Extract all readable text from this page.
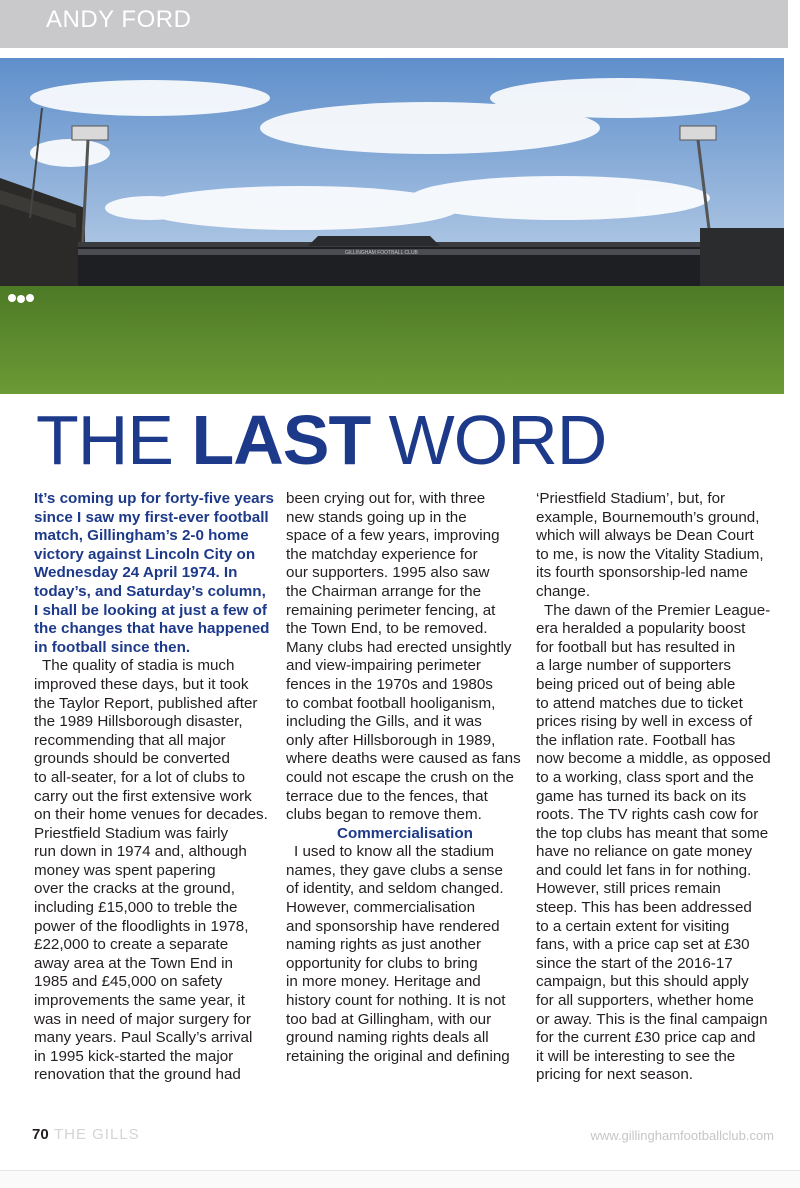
ANDY FORD
GILLINGHAM FOOTBALL CLUB
THE LAST WORD

It’s coming up for forty-five years
since I saw my first-ever football
match, Gillingham’s 2-0 home
victory against Lincoln City on
Wednesday 24 April 1974. In
today’s, and Saturday’s column,
I shall be looking at just a few of
the changes that have happened
in football since then.

The quality of stadia is much
improved these days, but it took
the Taylor Report, published after
the 1989 Hillsborough disaster,
recommending that all major
grounds should be converted
to all-seater, for a lot of clubs to
carry out the first extensive work
on their home venues for decades.
Priestfield Stadium was fairly
run down in 1974 and, although
money was spent papering
over the cracks at the ground,
including £15,000 to treble the
power of the floodlights in 1978,
£22,000 to create a separate
away area at the Town End in
1985 and £45,000 on safety
improvements the same year, it
was in need of major surgery for
many years. Paul Scally’s arrival
in 1995 kick-started the major
renovation that the ground had

been crying out for, with three
new stands going up in the
space of a few years, improving
the matchday experience for
our supporters. 1995 also saw
the Chairman arrange for the
remaining perimeter fencing, at
the Town End, to be removed.
Many clubs had erected unsightly
and view-impairing perimeter
fences in the 1970s and 1980s
to combat football hooliganism,
including the Gills, and it was
only after Hillsborough in 1989,
where deaths were caused as fans
could not escape the crush on the
terrace due to the fences, that
clubs began to remove them.

Commercialisation

I used to know all the stadium
names, they gave clubs a sense
of identity, and seldom changed.
However, commercialisation
and sponsorship have rendered
naming rights as just another
opportunity for clubs to bring
in more money. Heritage and
history count for nothing. It is not
too bad at Gillingham, with our
ground naming rights deals all
retaining the original and defining

‘Priestfield Stadium’, but, for
example, Bournemouth’s ground,
which will always be Dean Court
to me, is now the Vitality Stadium,
its fourth sponsorship-led name
change.

The dawn of the Premier League-
era heralded a popularity boost
for football but has resulted in
a large number of supporters
being priced out of being able
to attend matches due to ticket
prices rising by well in excess of
the inflation rate. Football has
now become a middle, as opposed
to a working, class sport and the
game has turned its back on its
roots. The TV rights cash cow for
the top clubs has meant that some
have no reliance on gate money
and could let fans in for nothing.
However, still prices remain
steep. This has been addressed
to a certain extent for visiting
fans, with a price cap set at £30
since the start of the 2016-17
campaign, but this should apply
for all supporters, whether home
or away. This is the final campaign
for the current £30 price cap and
it will be interesting to see the
pricing for next season.

70 THE GILLS	www.gillinghamfootballclub.com
